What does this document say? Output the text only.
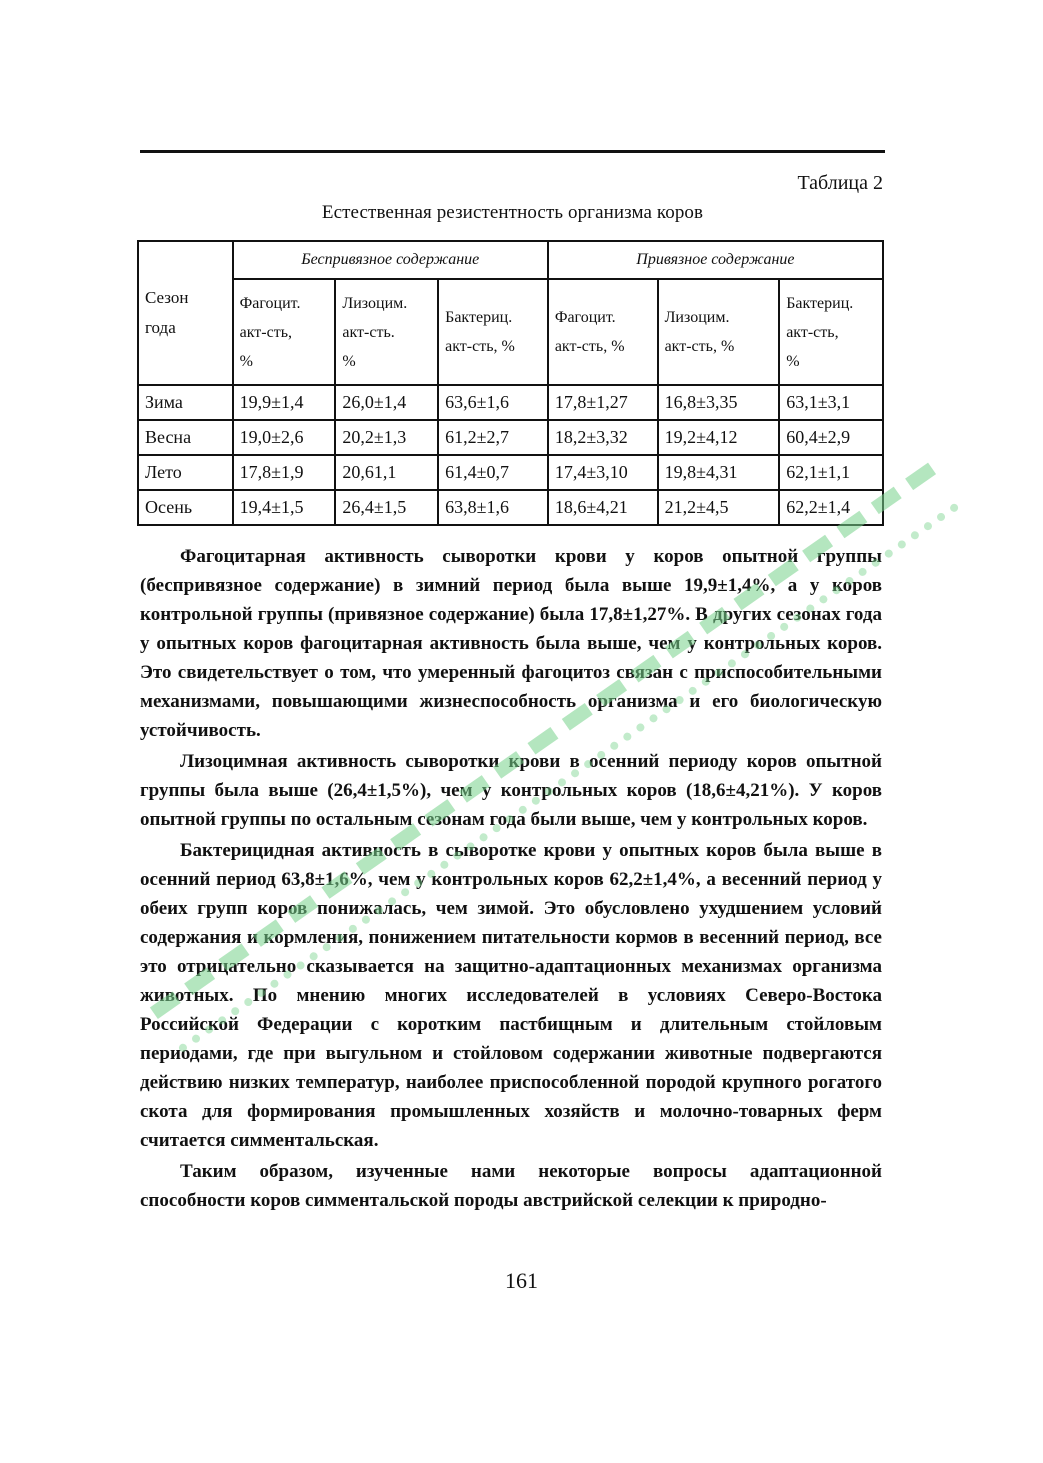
Таблица 2
Естественная резистентность организма коров
Сезон
года	Беспривязное содержание			Привязное содержание		

	Фагоцит.
акт-сть,
%	Лизоцим.
акт-сть.
%	Бактериц.
акт-сть, %	Фагоцит.
акт-сть, %	Лизоцим.
акт-сть, %	Бактериц.
акт-сть,
%

Зима	19,9±1,4	26,0±1,4	63,6±1,6	17,8±1,27	16,8±3,35	63,1±3,1
Весна	19,0±2,6	20,2±1,3	61,2±2,7	18,2±3,32	19,2±4,12	60,4±2,9
Лето	17,8±1,9	20,61,1	61,4±0,7	17,4±3,10	19,8±4,31	62,1±1,1
Осень	19,4±1,5	26,4±1,5	63,8±1,6	18,6±4,21	21,2±4,5	62,2±1,4

Фагоцитарная активность сыворотки крови у коров опытной группы (беспривязное содержание) в зимний период была выше 19,9±1,4%, а у коров контрольной группы (привязное содержание) была 17,8±1,27%. В других сезонах года у опытных коров фагоцитарная активность была выше, чем у контрольных коров. Это свидетельствует о том, что умеренный фагоцитоз связан с приспособительными механизмами, повышающими жизнеспособность организма и его биологическую устойчивость.

Лизоцимная активность сыворотки крови в осенний периоду коров опытной группы была выше (26,4±1,5%), чем у контрольных коров (18,6±4,21%). У коров опытной группы по остальным сезонам года были выше, чем у контрольных коров.

Бактерицидная активность в сыворотке крови у опытных коров была выше в осенний период 63,8±1,6%, чем у контрольных коров 62,2±1,4%, а весенний период у обеих групп коров понижалась, чем зимой. Это обусловлено ухудшением условий содержания и кормления, понижением питательности кормов в весенний период, все это отрицательно сказывается на защитно-адаптационных механизмах организма животных. По мнению многих исследователей в условиях Северо-Востока Российской Федерации с коротким пастбищным и длительным стойловым периодами, где при выгульном и стойловом содержании животные подвергаются действию низких температур, наиболее приспособленной породой крупного рогатого скота для формирования промышленных хозяйств и молочно-товарных ферм считается симментальская.

Таким образом, изученные нами некоторые вопросы адаптационной способности коров симментальской породы австрийской селекции к природно-

161
